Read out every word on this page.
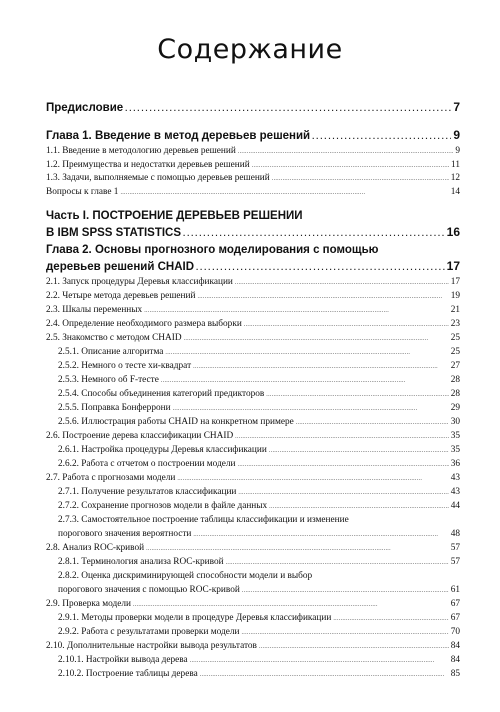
Содержание
Предисловие . . .	7
Глава 1. Введение в метод деревьев решений . . .	9
1.1. Введение в методологию деревьев решений . . .	9
1.2. Преимущества и недостатки деревьев решений . . .	11
1.3. Задачи, выполняемые с помощью деревьев решений . . .	12
Вопросы к главе 1 . . .	14
Часть I. ПОСТРОЕНИЕ ДЕРЕВЬЕВ РЕШЕНИЙ
В IBM SPSS STATISTICS . . .	16
Глава 2. Основы прогнозного моделирования с помощью
деревьев решений CHAID . . .	17
2.1. Запуск процедуры Деревья классификации . . .	17
2.2. Четыре метода деревьев решений . . .	19
2.3. Шкалы переменных . . .	21
2.4. Определение необходимого размера выборки . . .	23
2.5. Знакомство с методом CHAID . . .	25
2.5.1. Описание алгоритма . . .	25
2.5.2. Немного о тесте хи-квадрат . . .	27
2.5.3. Немного об F-тесте . . .	28
2.5.4. Способы объединения категорий предикторов . . .	28
2.5.5. Поправка Бонферрони . . .	29
2.5.6. Иллюстрация работы CHAID на конкретном примере . . .	30
2.6. Построение дерева классификации CHAID . . .	35
2.6.1. Настройка процедуры Деревья классификации . . .	35
2.6.2. Работа с отчетом о построении модели . . .	36
2.7. Работа с прогнозами модели . . .	43
2.7.1. Получение результатов классификации . . .	43
2.7.2. Сохранение прогнозов модели в файле данных . . .	44
2.7.3. Самостоятельное построение таблицы классификации и изменение
порогового значения вероятности . . .	48
2.8. Анализ ROC-кривой . . .	57
2.8.1. Терминология анализа ROC-кривой . . .	57
2.8.2. Оценка дискриминирующей способности модели и выбор
порогового значения с помощью ROC-кривой . . .	61
2.9. Проверка модели . . .	67
2.9.1. Методы проверки модели в процедуре Деревья классификации . . .	67
2.9.2. Работа с результатами проверки модели . . .	70
2.10. Дополнительные настройки вывода результатов . . .	84
2.10.1. Настройки вывода дерева . . .	84
2.10.2. Построение таблицы дерева . . .	85
